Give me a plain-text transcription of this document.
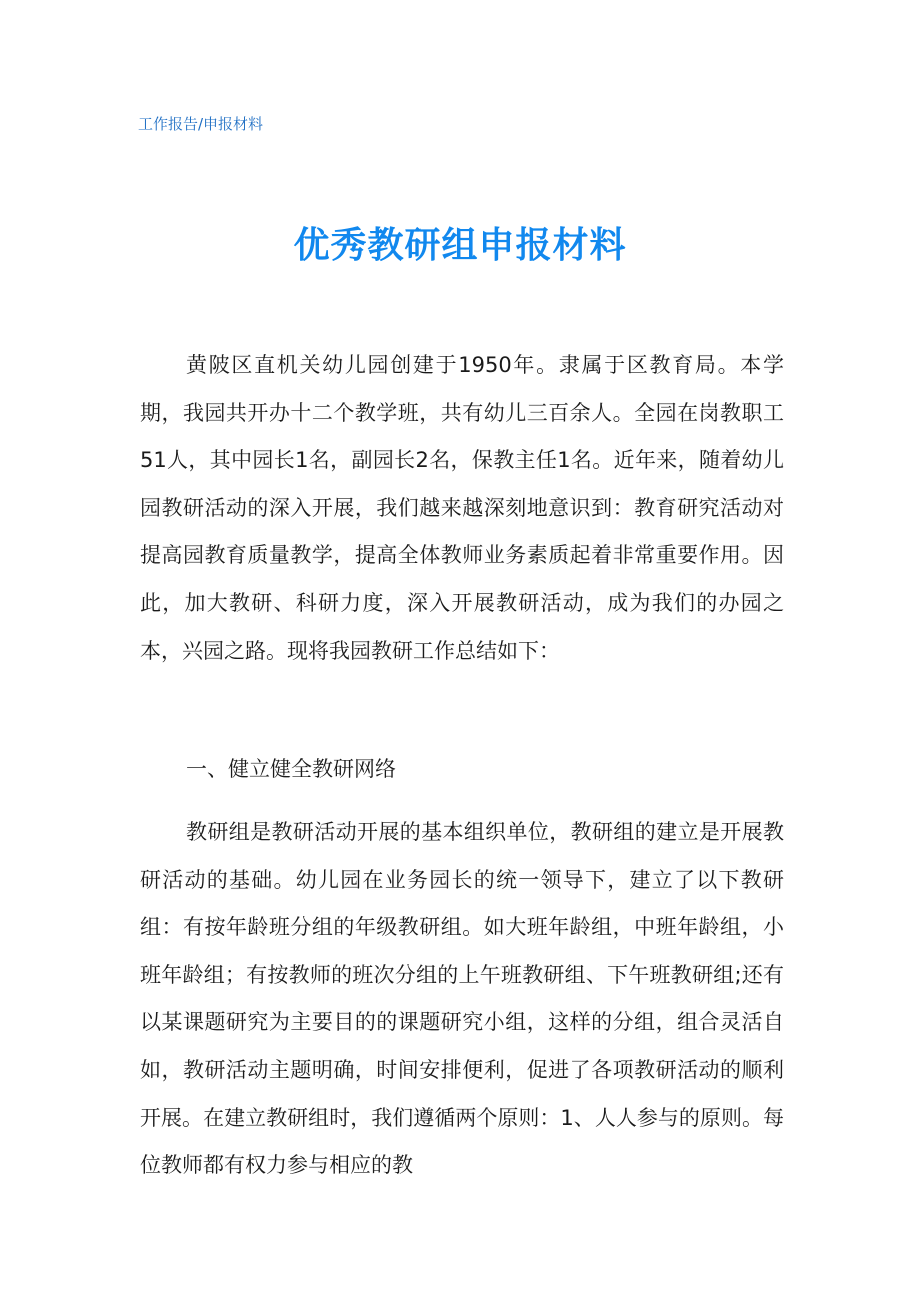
工作报告/申报材料
优秀教研组申报材料

黄陂区直机关幼儿园创建于1950年。隶属于区教育局。本学期，我园共开办十二个教学班，共有幼儿三百余人。全园在岗教职工51人，其中园长1名，副园长2名，保教主任1名。近年来，随着幼儿园教研活动的深入开展，我们越来越深刻地意识到：教育研究活动对提高园教育质量教学，提高全体教师业务素质起着非常重要作用。因此，加大教研、科研力度，深入开展教研活动，成为我们的办园之本，兴园之路。现将我园教研工作总结如下：

一、健立健全教研网络

教研组是教研活动开展的基本组织单位，教研组的建立是开展教研活动的基础。幼儿园在业务园长的统一领导下，建立了以下教研组：有按年龄班分组的年级教研组。如大班年龄组，中班年龄组，小班年龄组；有按教师的班次分组的上午班教研组、下午班教研组;还有以某课题研究为主要目的的课题研究小组，这样的分组，组合灵活自如，教研活动主题明确，时间安排便利，促进了各项教研活动的顺利开展。在建立教研组时，我们遵循两个原则：1、人人参与的原则。每位教师都有权力参与相应的教
